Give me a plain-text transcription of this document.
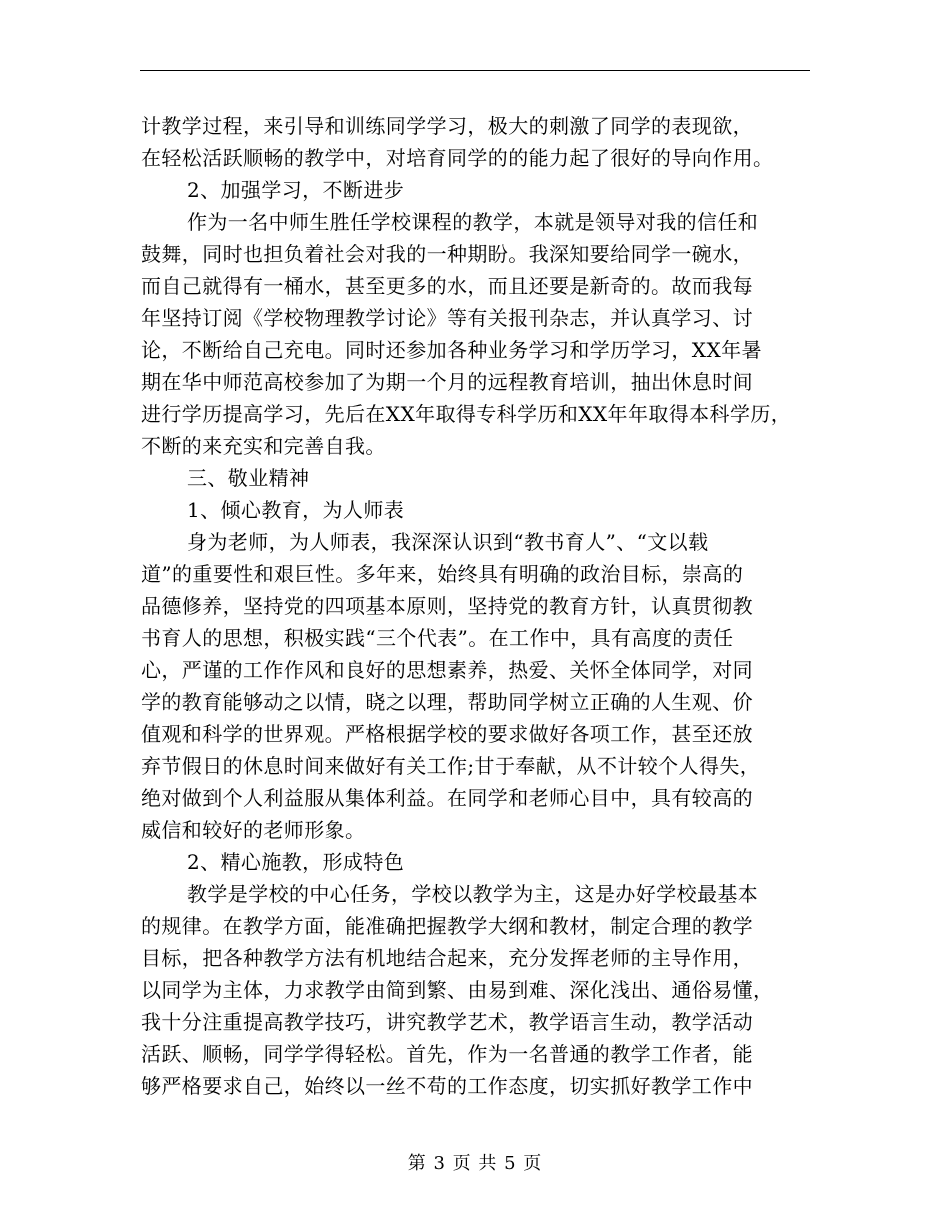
计教学过程，来引导和训练同学学习，极大的刺激了同学的表现欲，
在轻松活跃顺畅的教学中，对培育同学的的能力起了很好的导向作用。
2、加强学习，不断进步
作为一名中师生胜任学校课程的教学，本就是领导对我的信任和
鼓舞，同时也担负着社会对我的一种期盼。我深知要给同学一碗水，
而自己就得有一桶水，甚至更多的水，而且还要是新奇的。故而我每
年坚持订阅《学校物理教学讨论》等有关报刊杂志，并认真学习、讨
论，不断给自己充电。同时还参加各种业务学习和学历学习，XX年暑
期在华中师范高校参加了为期一个月的远程教育培训，抽出休息时间
进行学历提高学习，先后在XX年取得专科学历和XX年年取得本科学历，
不断的来充实和完善自我。
三、敬业精神
1、倾心教育，为人师表
身为老师，为人师表，我深深认识到“教书育人”、“文以载
道”的重要性和艰巨性。多年来，始终具有明确的政治目标，崇高的
品德修养，坚持党的四项基本原则，坚持党的教育方针，认真贯彻教
书育人的思想，积极实践“三个代表”。在工作中，具有高度的责任
心，严谨的工作作风和良好的思想素养，热爱、关怀全体同学，对同
学的教育能够动之以情，晓之以理，帮助同学树立正确的人生观、价
值观和科学的世界观。严格根据学校的要求做好各项工作，甚至还放
弃节假日的休息时间来做好有关工作;甘于奉献，从不计较个人得失，
绝对做到个人利益服从集体利益。在同学和老师心目中，具有较高的
威信和较好的老师形象。
2、精心施教，形成特色
教学是学校的中心任务，学校以教学为主，这是办好学校最基本
的规律。在教学方面，能准确把握教学大纲和教材，制定合理的教学
目标，把各种教学方法有机地结合起来，充分发挥老师的主导作用，
以同学为主体，力求教学由简到繁、由易到难、深化浅出、通俗易懂，
我十分注重提高教学技巧，讲究教学艺术，教学语言生动，教学活动
活跃、顺畅，同学学得轻松。首先，作为一名普通的教学工作者，能
够严格要求自己，始终以一丝不苟的工作态度，切实抓好教学工作中
第 3 页 共 5 页
